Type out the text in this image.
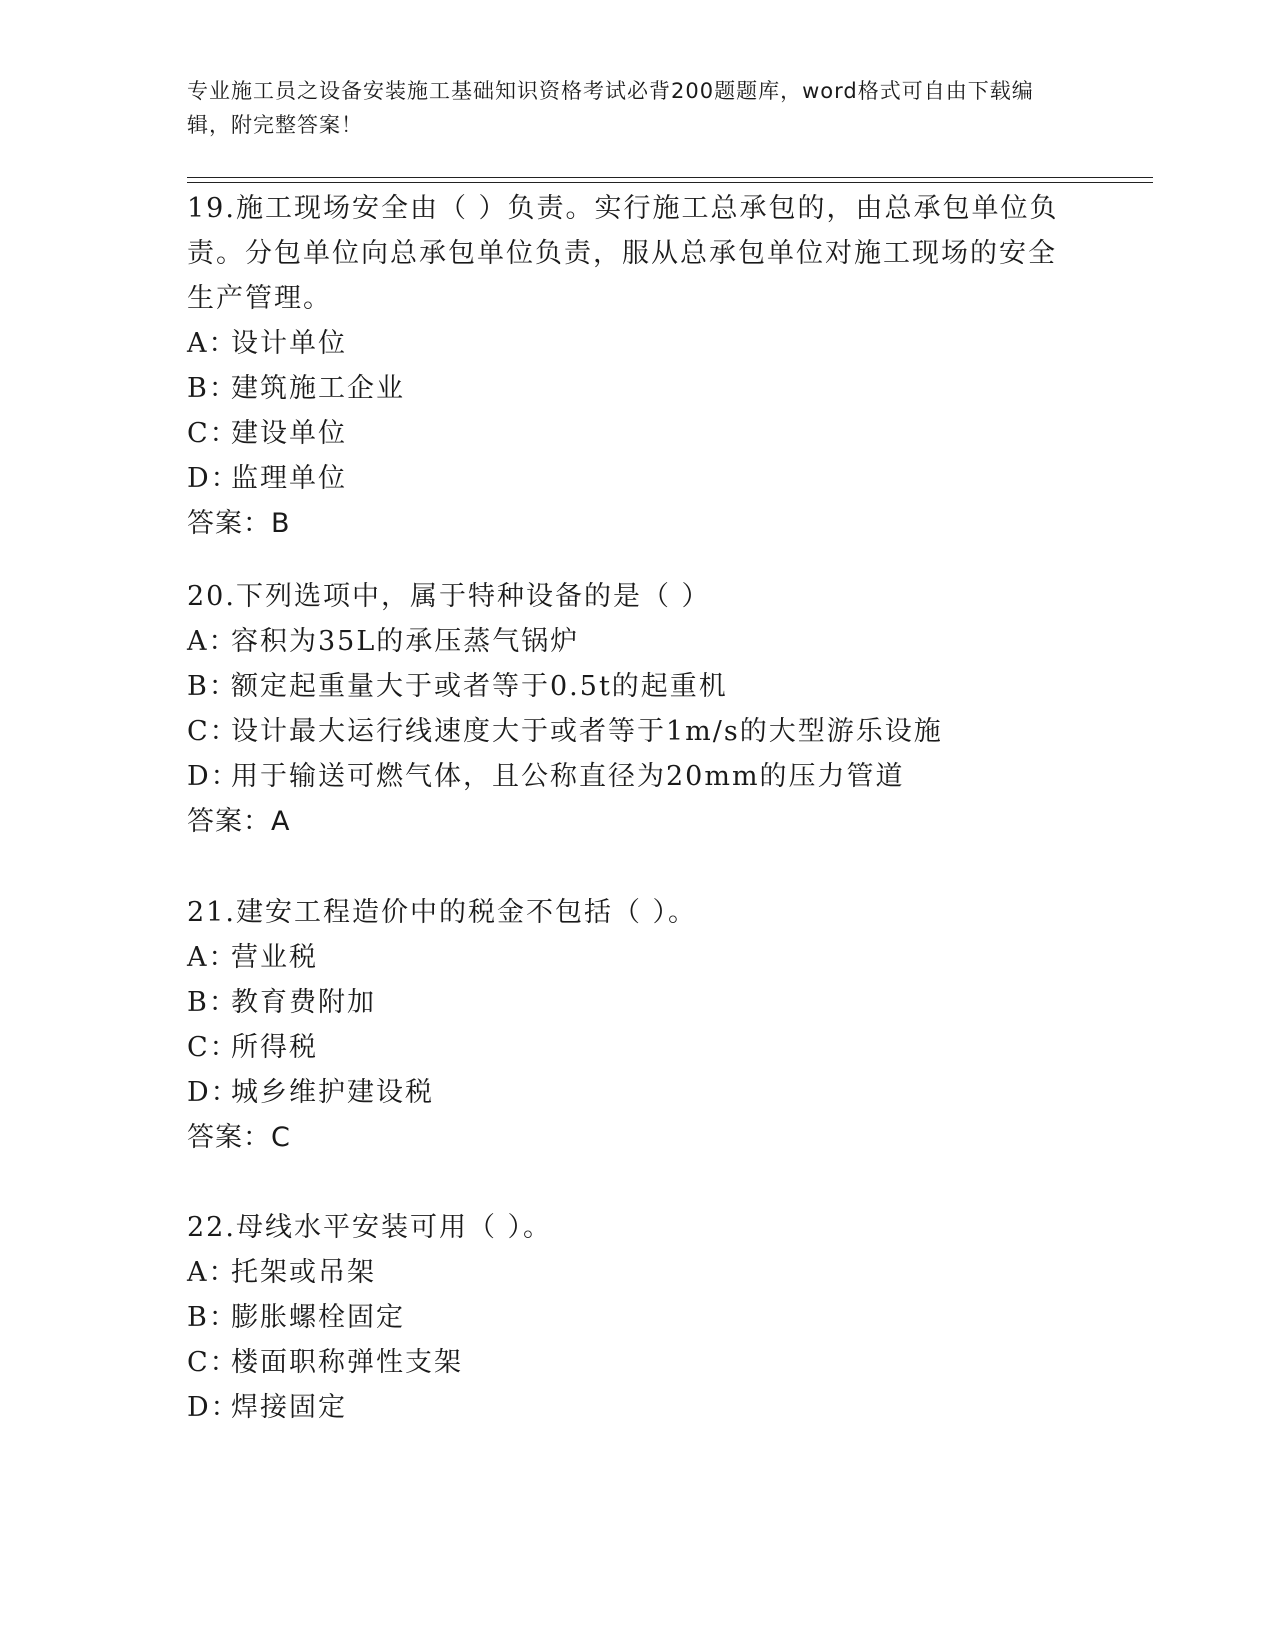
专业施工员之设备安装施工基础知识资格考试必背200题题库，word格式可自由下载编辑，附完整答案！
19.施工现场安全由（ ）负责。实行施工总承包的，由总承包单位负责。分包单位向总承包单位负责，服从总承包单位对施工现场的安全生产管理。
A：
设计单位
B：
建筑施工企业
C：
建设单位
D：
监理单位
答案：B
20.下列选项中，属于特种设备的是（ ）
A：
容积为35L的承压蒸气锅炉
B：
额定起重量大于或者等于0.5t的起重机
C：
设计最大运行线速度大于或者等于1m/s的大型游乐设施
D：
用于输送可燃气体，且公称直径为20mm的压力管道
答案：A
21.建安工程造价中的税金不包括（ ）。
A：
营业税
B：
教育费附加
C：
所得税
D：
城乡维护建设税
答案：C
22.母线水平安装可用（ ）。
A：
托架或吊架
B：
膨胀螺栓固定
C：
楼面职称弹性支架
D：
焊接固定
